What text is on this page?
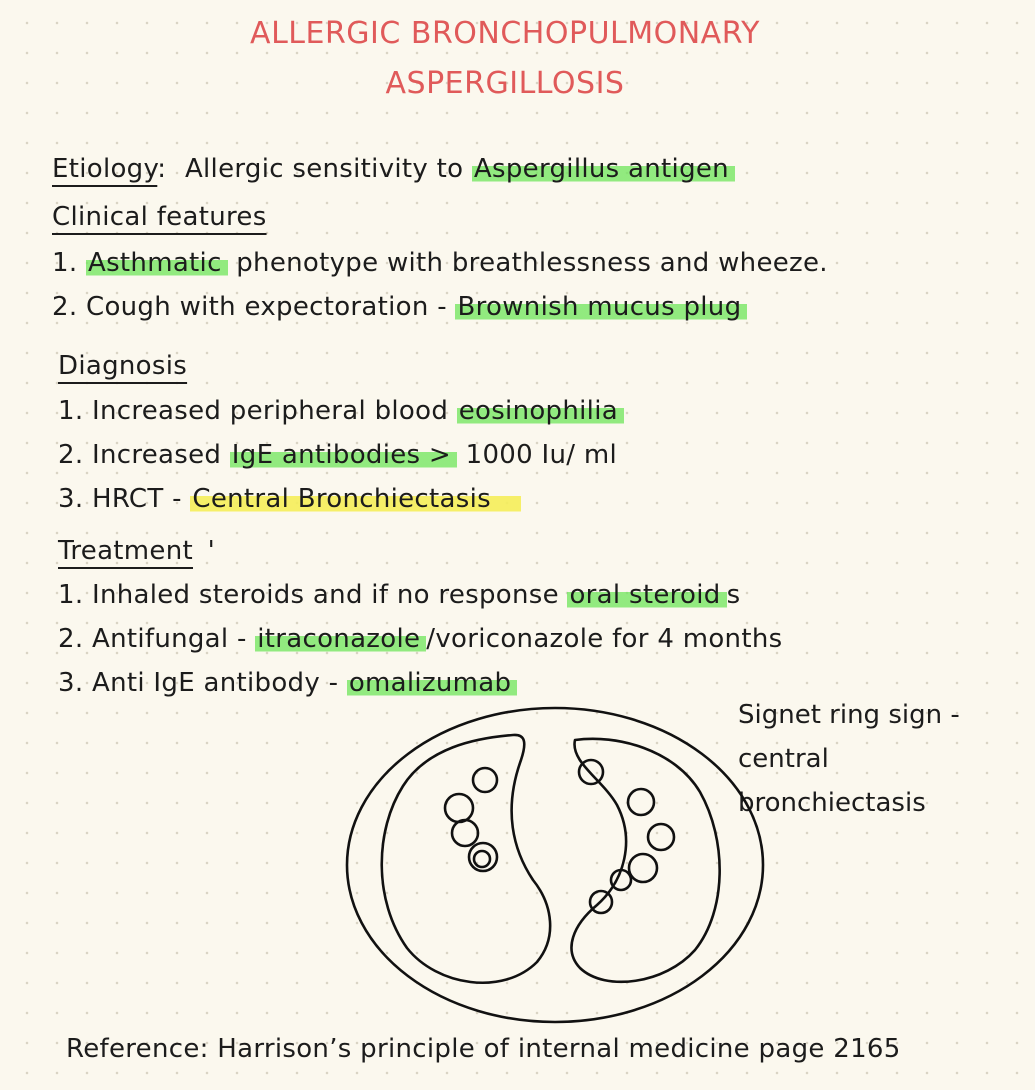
ALLERGIC BRONCHOPULMONARY
ASPERGILLOSIS
Etiology: Allergic sensitivity to Aspergillus antigen
Clinical features
1. Asthmatic phenotype with breathlessness and wheeze.
2. Cough with expectoration - Brownish mucus plug
Diagnosis
1. Increased peripheral blood eosinophilia
2. Increased IgE antibodies > 1000 Iu/ ml
3. HRCT - Central Bronchiectasis
Treatment '
1. Inhaled steroids and if no response oral steroid s
2. Antifungal - itraconazole /voriconazole for 4 months
3. Anti IgE antibody - omalizumab
Signet ring sign -
central
bronchiectasis
Reference: Harrison’s principle of internal medicine page 2165
